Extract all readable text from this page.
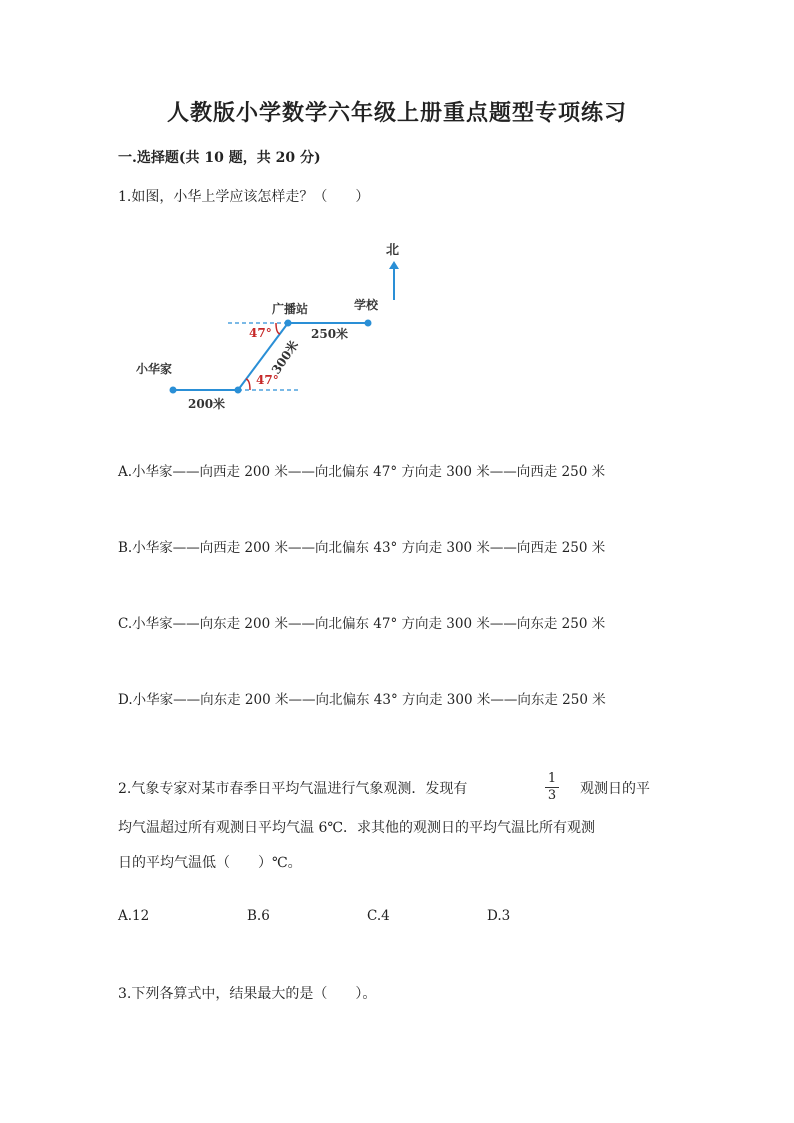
人教版小学数学六年级上册重点题型专项练习
一.选择题(共 10 题，共 20 分)
1.如图，小华上学应该怎样走？（　　）
北
广播站	学校
小华家
250米
200米
300米
47°
47°
A.小华家——向西走 200 米——向北偏东 47° 方向走 300 米——向西走 250 米
B.小华家——向西走 200 米——向北偏东 43° 方向走 300 米——向西走 250 米
C.小华家——向东走 200 米——向北偏东 47° 方向走 300 米——向东走 250 米
D.小华家——向东走 200 米——向北偏东 43° 方向走 300 米——向东走 250 米
2.气象专家对某市春季日平均气温进行气象观测．发现有
1
3 观测日的平
均气温超过所有观测日平均气温 6℃．求其他的观测日的平均气温比所有观测
日的平均气温低（　　）℃。
A.12	B.6	C.4	D.3
3.下列各算式中，结果最大的是（　　）。
